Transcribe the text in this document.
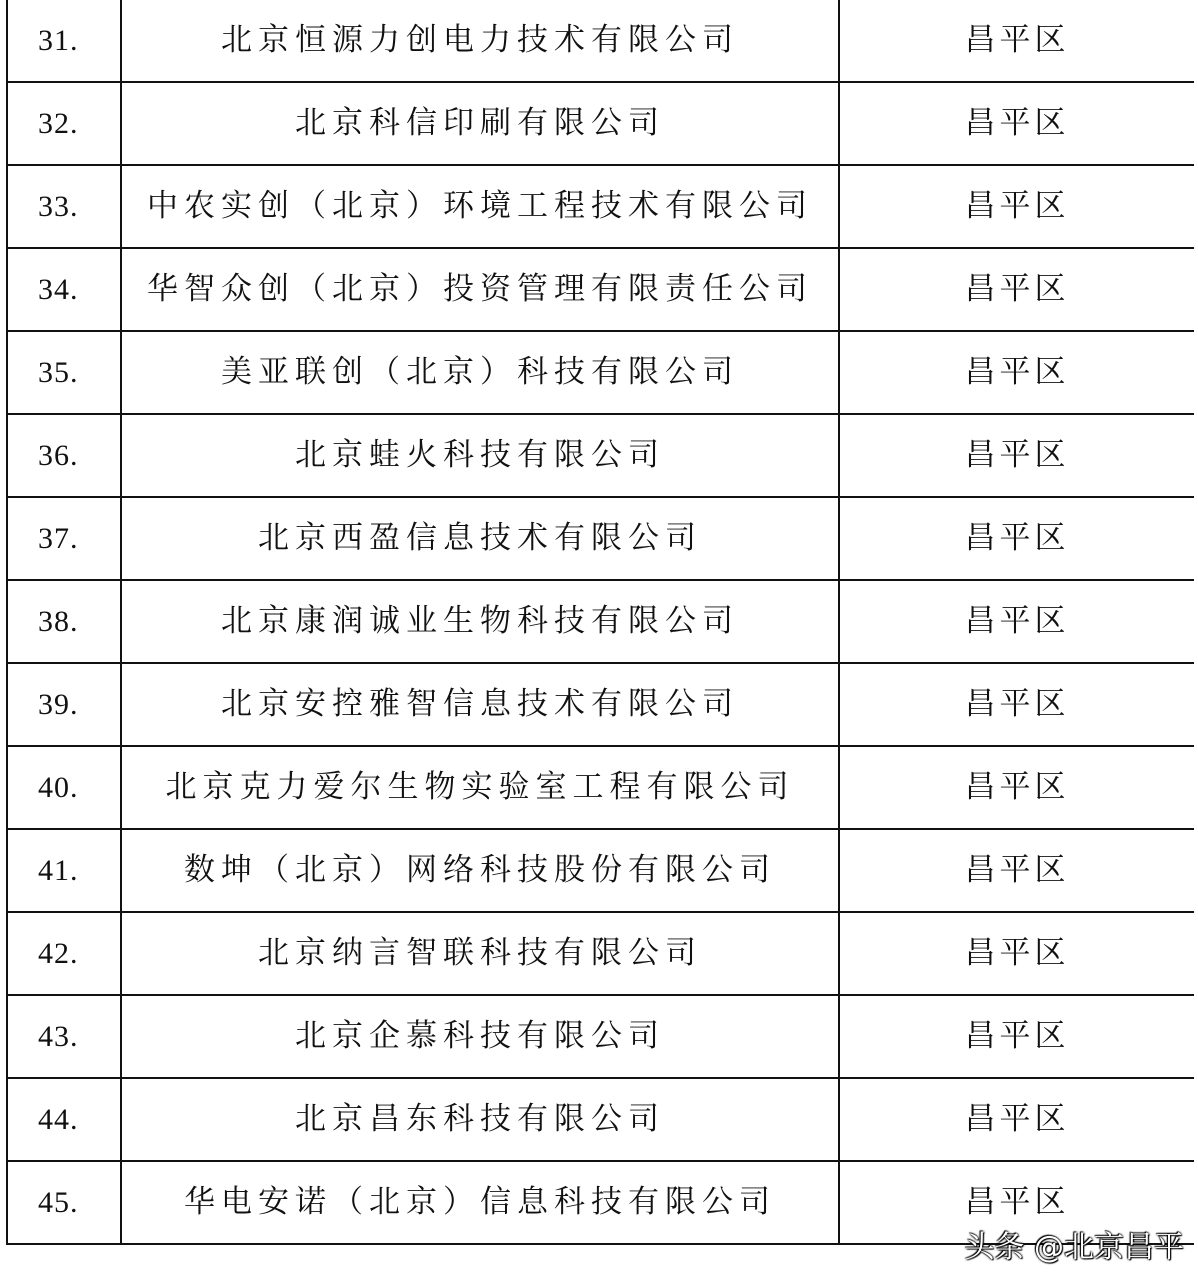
31.	北京恒源力创电力技术有限公司	昌平区
32.	北京科信印刷有限公司	昌平区
33.	中农实创（北京）环境工程技术有限公司	昌平区
34.	华智众创（北京）投资管理有限责任公司	昌平区
35.	美亚联创（北京）科技有限公司	昌平区
36.	北京蛙火科技有限公司	昌平区
37.	北京西盈信息技术有限公司	昌平区
38.	北京康润诚业生物科技有限公司	昌平区
39.	北京安控雅智信息技术有限公司	昌平区
40.	北京克力爱尔生物实验室工程有限公司	昌平区
41.	数坤（北京）网络科技股份有限公司	昌平区
42.	北京纳言智联科技有限公司	昌平区
43.	北京企慕科技有限公司	昌平区
44.	北京昌东科技有限公司	昌平区
45.	华电安诺（北京）信息科技有限公司	昌平区
头条 @北京昌平
